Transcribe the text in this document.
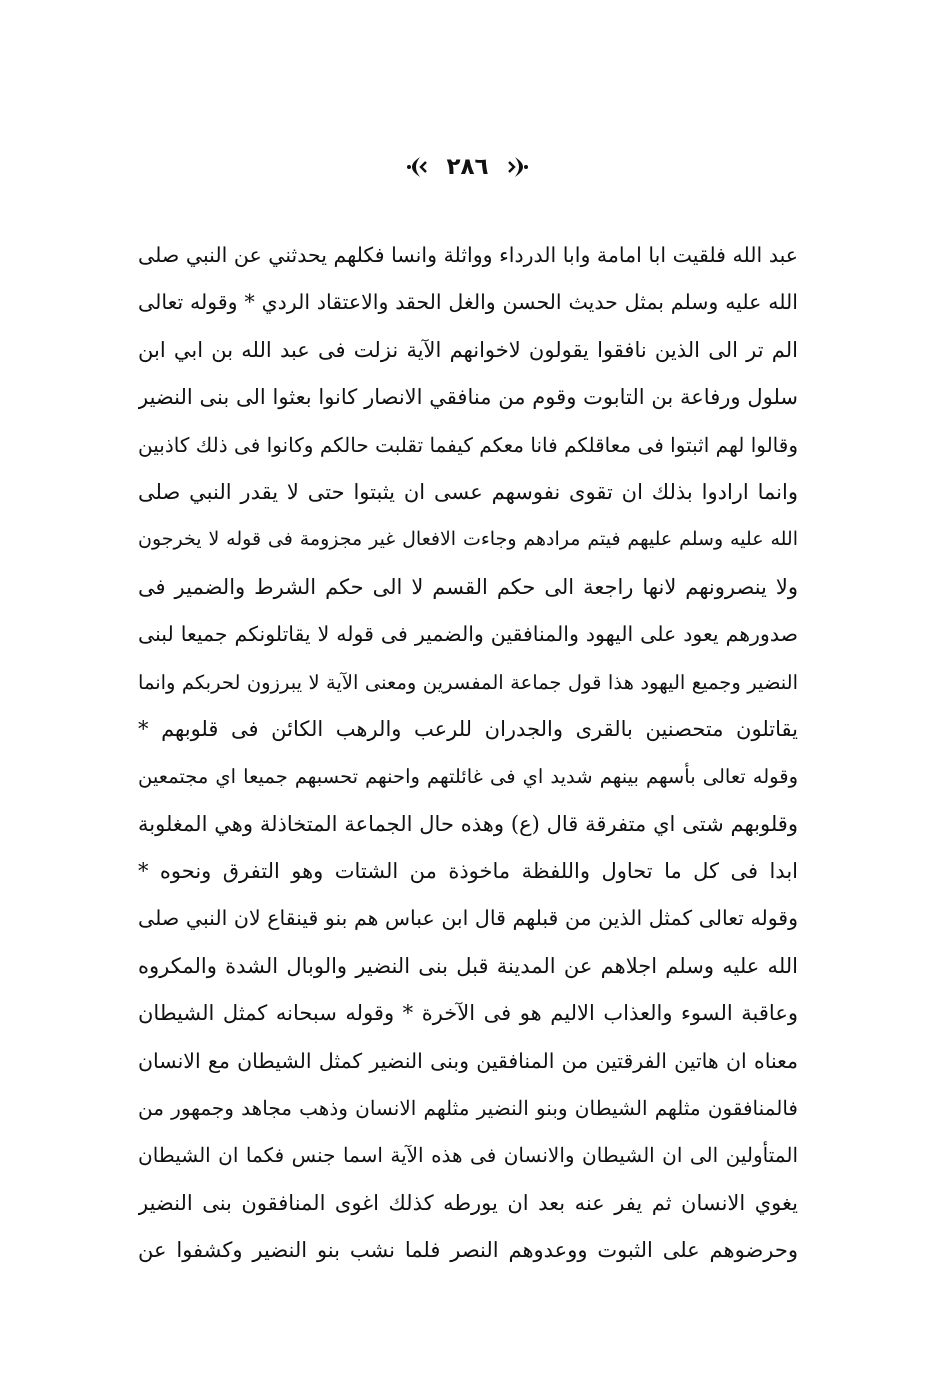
٢٨٦
عبد الله فلقيت ابا امامة وابا الدرداء وواثلة وانسا فكلهم يحدثني عن النبي صلى
الله عليه وسلم بمثل حديث الحسن والغل الحقد والاعتقاد الردي * وقوله تعالى
الم تر الى الذين نافقوا يقولون لاخوانهم الآية نزلت فى عبد الله بن ابي ابن
سلول ورفاعة بن التابوت وقوم من منافقي الانصار كانوا بعثوا الى بنى النضير
وقالوا لهم اثبتوا فى معاقلكم فانا معكم كيفما تقلبت حالكم وكانوا فى ذلك كاذبين
وانما ارادوا بذلك ان تقوى نفوسهم عسى ان يثبتوا حتى لا يقدر النبي صلى
الله عليه وسلم عليهم فيتم مرادهم وجاءت الافعال غير مجزومة فى قوله لا يخرجون
ولا ينصرونهم لانها راجعة الى حكم القسم لا الى حكم الشرط والضمير فى
صدورهم يعود على اليهود والمنافقين والضمير فى قوله لا يقاتلونكم جميعا لبنى
النضير وجميع اليهود هذا قول جماعة المفسرين ومعنى الآية لا يبرزون لحربكم وانما
يقاتلون متحصنين بالقرى والجدران للرعب والرهب الكائن فى قلوبهم *
وقوله تعالى بأسهم بينهم شديد اي فى غائلتهم واحنهم تحسبهم جميعا اي مجتمعين
وقلوبهم شتى اي متفرقة قال (ع) وهذه حال الجماعة المتخاذلة وهي المغلوبة
ابدا فى كل ما تحاول واللفظة ماخوذة من الشتات وهو التفرق ونحوه *
وقوله تعالى كمثل الذين من قبلهم قال ابن عباس هم بنو قينقاع لان النبي صلى
الله عليه وسلم اجلاهم عن المدينة قبل بنى النضير والوبال الشدة والمكروه
وعاقبة السوء والعذاب الاليم هو فى الآخرة * وقوله سبحانه كمثل الشيطان
معناه ان هاتين الفرقتين من المنافقين وبنى النضير كمثل الشيطان مع الانسان
فالمنافقون مثلهم الشيطان وبنو النضير مثلهم الانسان وذهب مجاهد وجمهور من
المتأولين الى ان الشيطان والانسان فى هذه الآية اسما جنس فكما ان الشيطان
يغوي الانسان ثم يفر عنه بعد ان يورطه كذلك اغوى المنافقون بنى النضير
وحرضوهم على الثبوت ووعدوهم النصر فلما نشب بنو النضير وكشفوا عن
